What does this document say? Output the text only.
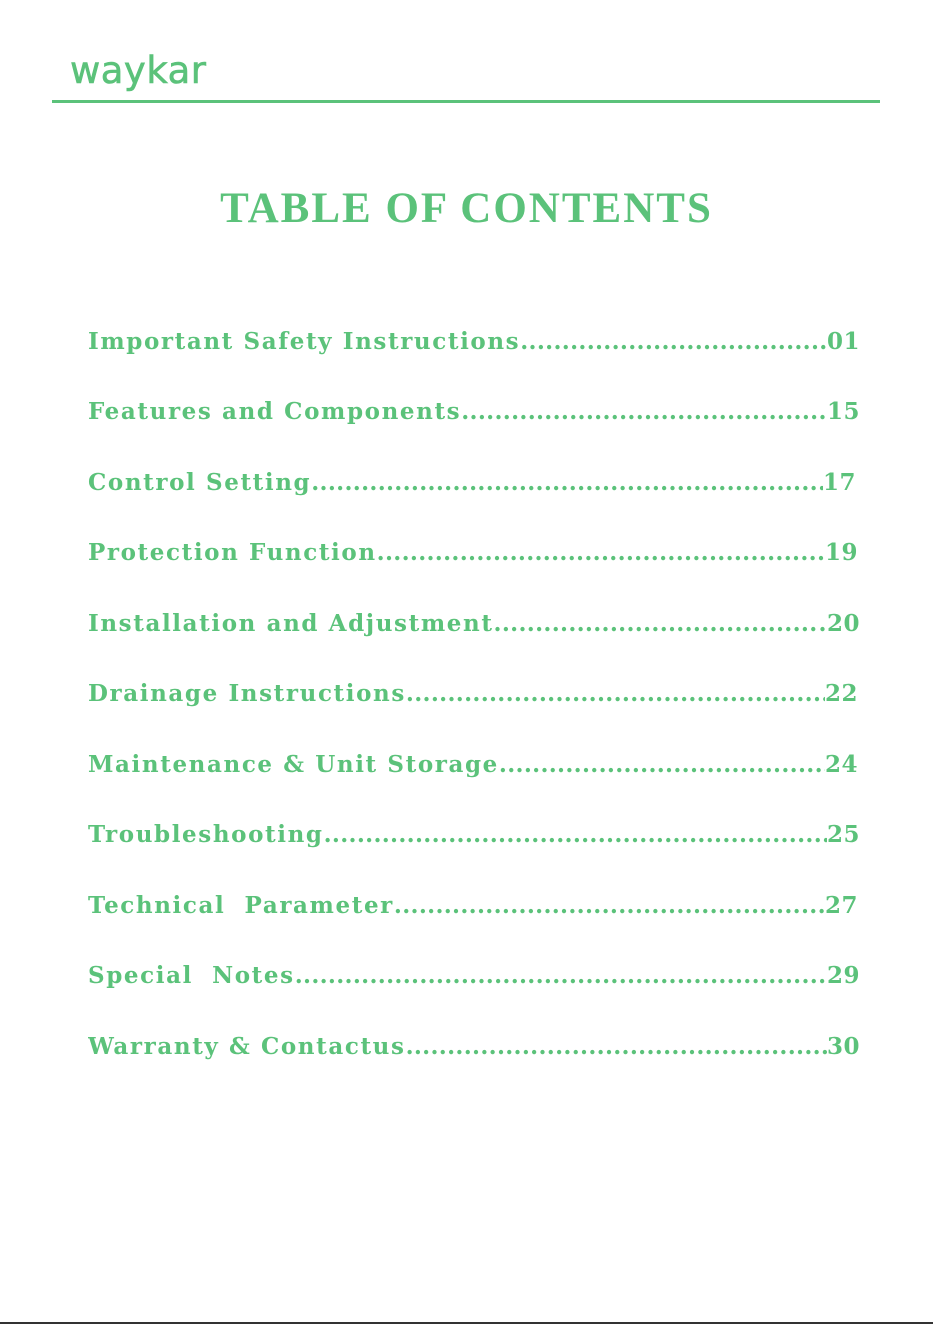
waykar
TABLE OF CONTENTS
Important Safety Instructions .....	01
Features and Components .....	15
Control Setting .....	17
Protection Function .....	19
Installation and Adjustment .....	.20
Drainage Instructions .....	22
Maintenance & Unit Storage .....	24
Troubleshooting .....	25
Technical  Parameter .....	27
Special  Notes .....	29
Warranty & Contactus .....	30
